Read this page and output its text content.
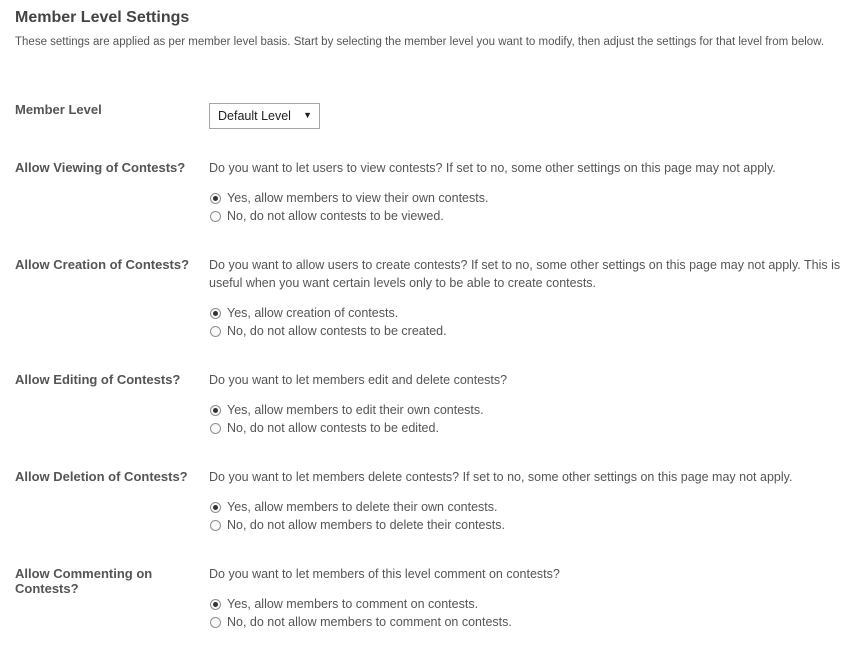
Member Level Settings
These settings are applied as per member level basis. Start by selecting the member level you want to modify, then adjust the settings for that level from below.
Member Level	Default Level ▼
Allow Viewing of Contests?	Do you want to let users to view contests? If set to no, some other settings on this page may not apply.
Yes, allow members to view their own contests.
No, do not allow contests to be viewed.
Allow Creation of Contests?	Do you want to allow users to create contests? If set to no, some other settings on this page may not apply. This is useful when you want certain levels only to be able to create contests.
Yes, allow creation of contests.
No, do not allow contests to be created.
Allow Editing of Contests?	Do you want to let members edit and delete contests?
Yes, allow members to edit their own contests.
No, do not allow contests to be edited.
Allow Deletion of Contests?	Do you want to let members delete contests? If set to no, some other settings on this page may not apply.
Yes, allow members to delete their own contests.
No, do not allow members to delete their contests.
Allow Commenting on Contests?
Do you want to let members of this level comment on contests?
Yes, allow members to comment on contests.
No, do not allow members to comment on contests.
